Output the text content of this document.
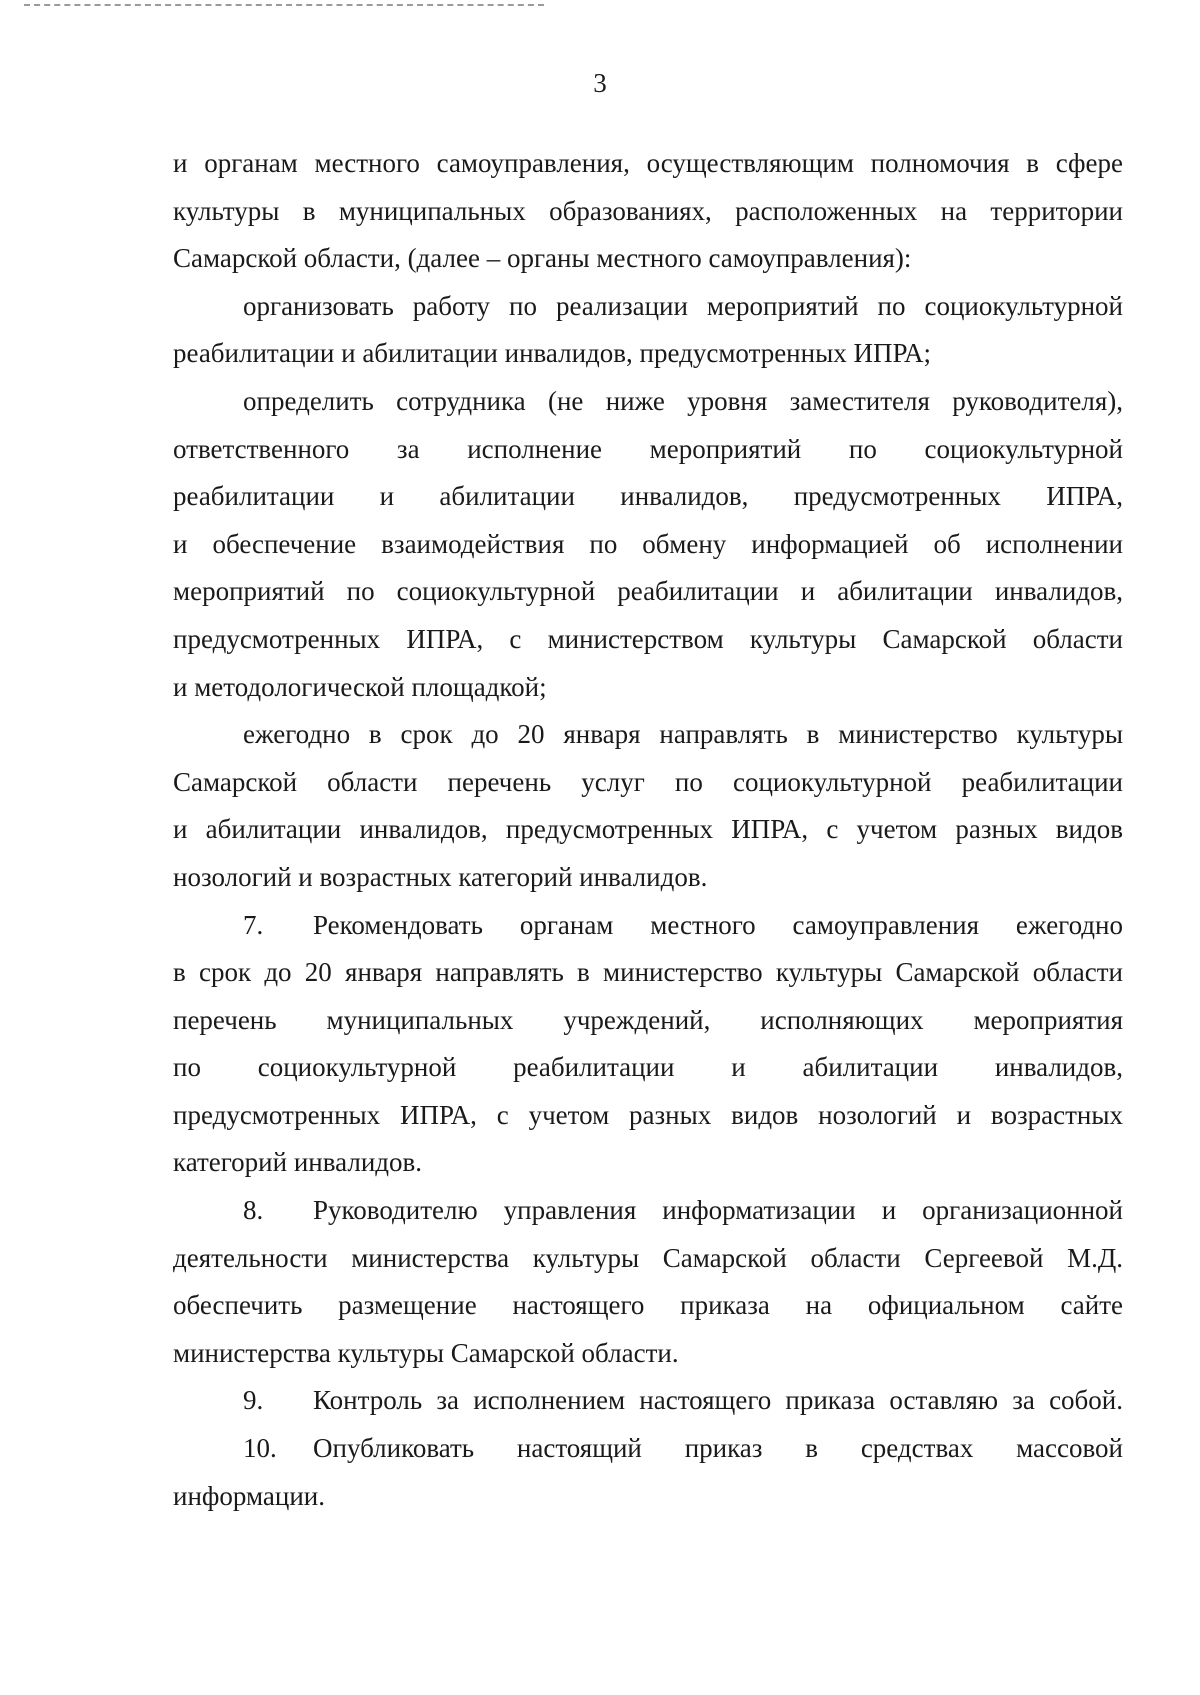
3
и органам местного самоуправления, осуществляющим полномочия в сфере
культуры в муниципальных образованиях, расположенных на территории
Самарской области, (далее – органы местного самоуправления):
организовать работу по реализации мероприятий по социокультурной
реабилитации и абилитации инвалидов, предусмотренных ИПРА;
определить сотрудника (не ниже уровня заместителя руководителя),
ответственного за исполнение мероприятий по социокультурной
реабилитации и абилитации инвалидов, предусмотренных ИПРА,
и обеспечение взаимодействия по обмену информацией об исполнении
мероприятий по социокультурной реабилитации и абилитации инвалидов,
предусмотренных ИПРА, с министерством культуры Самарской области
и методологической площадкой;
ежегодно в срок до 20 января направлять в министерство культуры
Самарской области перечень услуг по социокультурной реабилитации
и абилитации инвалидов, предусмотренных ИПРА, с учетом разных видов
нозологий и возрастных категорий инвалидов.
7. Рекомендовать органам местного самоуправления ежегодно
в срок до 20 января направлять в министерство культуры Самарской области
перечень муниципальных учреждений, исполняющих мероприятия
по социокультурной реабилитации и абилитации инвалидов,
предусмотренных ИПРА, с учетом разных видов нозологий и возрастных
категорий инвалидов.
8. Руководителю управления информатизации и организационной
деятельности министерства культуры Самарской области Сергеевой М.Д.
обеспечить размещение настоящего приказа на официальном сайте
министерства культуры Самарской области.
9. Контроль за исполнением настоящего приказа оставляю за собой.
10. Опубликовать настоящий приказ в средствах массовой
информации.
